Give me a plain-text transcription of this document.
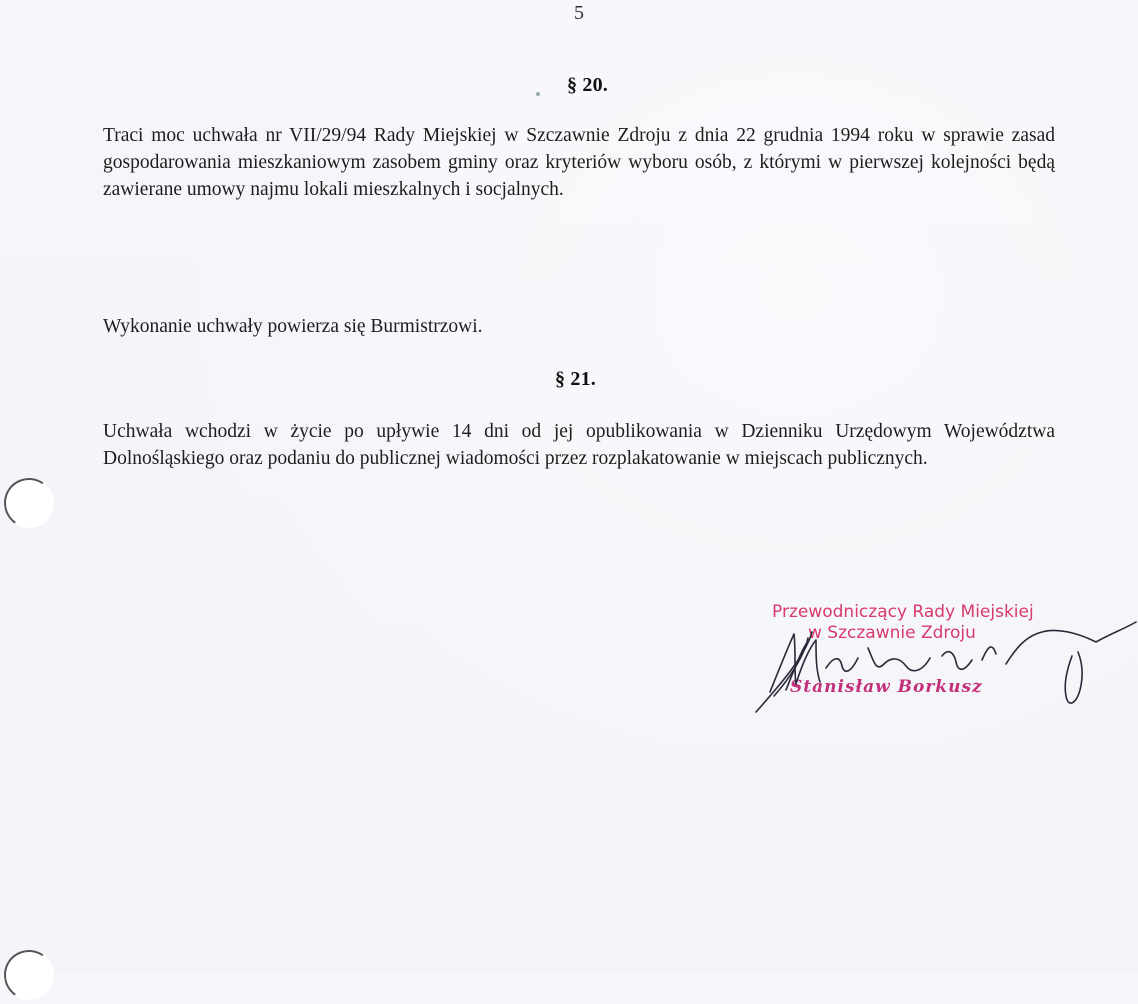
5
§ 20.
Traci moc uchwała nr VII/29/94 Rady Miejskiej w Szczawnie Zdroju z dnia 22 grudnia 1994 roku w sprawie zasad gospodarowania mieszkaniowym zasobem gminy oraz kryteriów wyboru osób, z którymi w pierwszej kolejności będą zawierane umowy najmu lokali mieszkalnych i socjalnych.
Wykonanie uchwały powierza się Burmistrzowi.
§ 21.
Uchwała wchodzi w życie po upływie 14 dni od jej opublikowania w Dzienniku Urzędowym Województwa Dolnośląskiego oraz podaniu do publicznej wiadomości przez rozplakatowanie w miejscach publicznych.
Przewodniczący Rady Miejskiej
w Szczawnie Zdroju
Stanisław Borkusz
